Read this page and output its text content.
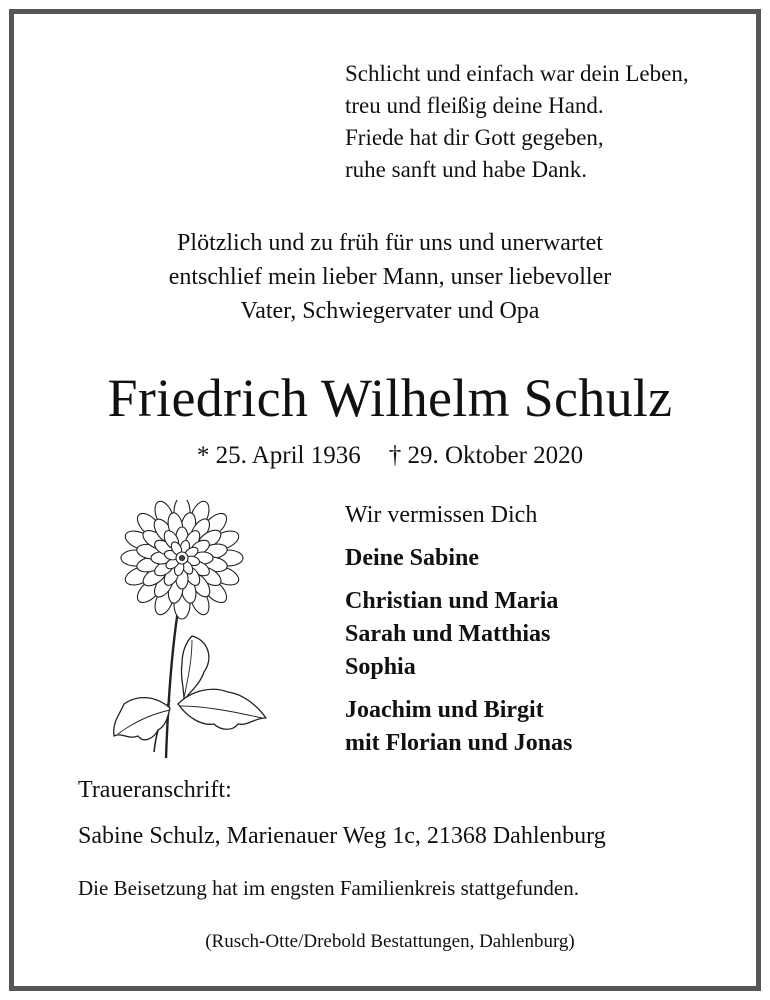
Schlicht und einfach war dein Leben,
treu und fleißig deine Hand.
Friede hat dir Gott gegeben,
ruhe sanft und habe Dank.
Plötzlich und zu früh für uns und unerwartet
entschlief mein lieber Mann, unser liebevoller
Vater, Schwiegervater und Opa
Friedrich Wilhelm Schulz
* 25. April 1936 † 29. Oktober 2020
Wir vermissen Dich
Deine Sabine
Christian und Maria
Sarah und Matthias
Sophia
Joachim und Birgit
mit Florian und Jonas
Traueranschrift:
Sabine Schulz, Marienauer Weg 1c, 21368 Dahlenburg
Die Beisetzung hat im engsten Familienkreis stattgefunden.
(Rusch-Otte/Drebold Bestattungen, Dahlenburg)
